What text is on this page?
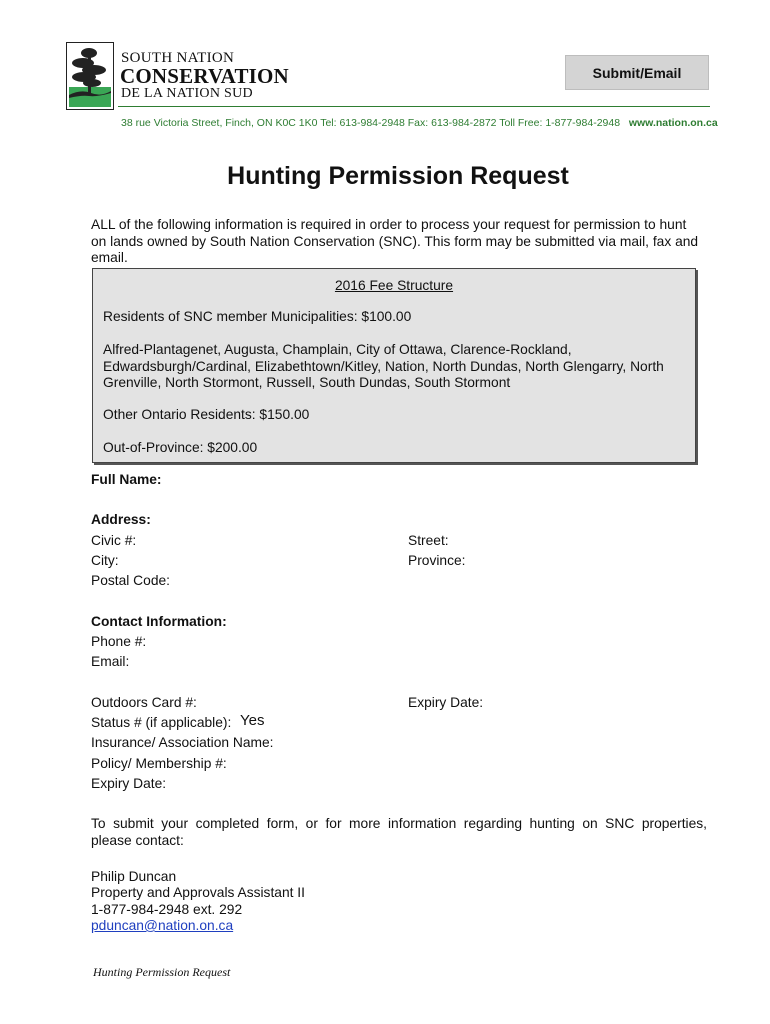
SOUTH NATION
CONSERVATION
DE LA NATION SUD
Submit/Email
38 rue Victoria Street, Finch, ON K0C 1K0 Tel: 613-984-2948 Fax: 613-984-2872 Toll Free: 1-877-984-2948 www.nation.on.ca
Hunting Permission Request
ALL of the following information is required in order to process your request for permission to hunt
on lands owned by South Nation Conservation (SNC). This form may be submitted via mail, fax and
email.
2016 Fee Structure
Residents of SNC member Municipalities: $100.00
Alfred-Plantagenet, Augusta, Champlain, City of Ottawa, Clarence-Rockland,
Edwardsburgh/Cardinal, Elizabethtown/Kitley, Nation, North Dundas, North Glengarry, North
Grenville, North Stormont, Russell, South Dundas, South Stormont
Other Ontario Residents: $150.00
Out-of-Province: $200.00
Full Name:
Address:
Civic #:	Street:
City:	Province:
Postal Code:
Contact Information:
Phone #:
Email:
Outdoors Card #:	Expiry Date:
Status # (if applicable): Yes
Insurance/ Association Name:
Policy/ Membership #:
Expiry Date:
To submit your completed form, or for more information regarding hunting on SNC properties,
please contact:
Philip Duncan
Property and Approvals Assistant II
1-877-984-2948 ext. 292
pduncan@nation.on.ca
Hunting Permission Request
